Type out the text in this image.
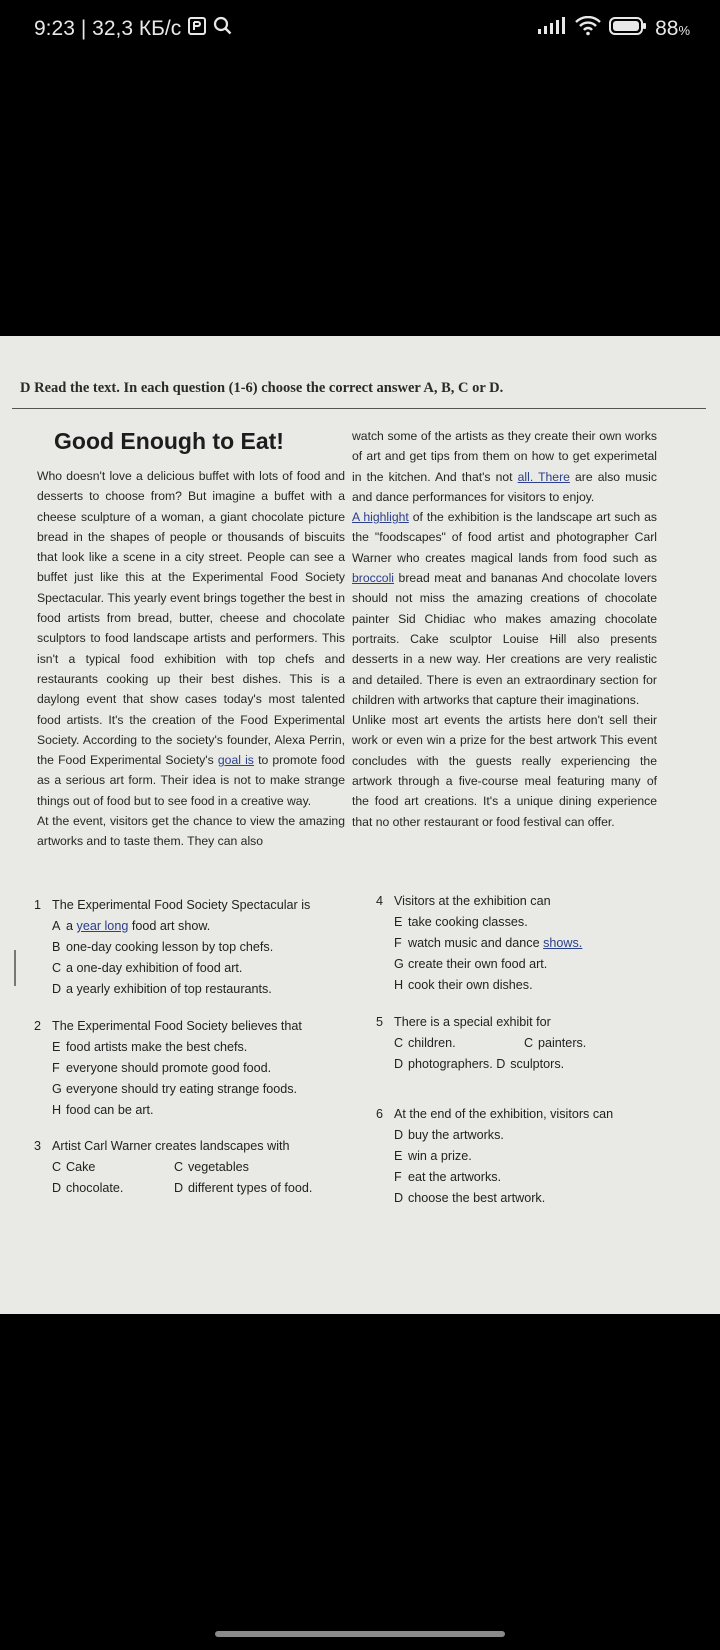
9:23 | 32,3 КБ/с	88%
D Read the text. In each question (1-6) choose the correct answer A, B, C or D.
Good Enough to Eat!

Who doesn't love a delicious buffet with lots of food and desserts to choose from? But imagine a buffet with a cheese sculpture of a woman, a giant chocolate picture bread in the shapes of people or thousands of biscuits that look like a scene in a city street. People can see a buffet just like this at the Experimental Food Society Spectacular. This yearly event brings together the best in food artists from bread, butter, cheese and chocolate sculptors to food landscape artists and performers. This isn't a typical food exhibition with top chefs and restaurants cooking up their best dishes. This is a daylong event that show cases today's most talented food artists. It's the creation of the Food Experimental Society. According to the society's founder, Alexa Perrin, the Food Experimental Society's goal is to promote food as a serious art form. Their idea is not to make strange things out of food but to see food in a creative way.

At the event, visitors get the chance to view the amazing artworks and to taste them. They can also

watch some of the artists as they create their own works of art and get tips from them on how to get experimetal in the kitchen. And that's not all. There are also music and dance performances for visitors to enjoy.

A highlight of the exhibition is the landscape art such as the "foodscapes" of food artist and photographer Carl Warner who creates magical lands from food such as broccoli bread meat and bananas And chocolate lovers should not miss the amazing creations of chocolate painter Sid Chidiac who makes amazing chocolate portraits. Cake sculptor Louise Hill also presents desserts in a new way. Her creations are very realistic and detailed. There is even an extraordinary section for children with artworks that capture their imaginations.

Unlike most art events the artists here don't sell their work or even win a prize for the best artwork This event concludes with the guests really experiencing the artwork through a five-course meal featuring many of the food art creations. It's a unique dining experience that no other restaurant or food festival can offer.

1 The Experimental Food Society Spectacular is
A a year long food art show.
B one-day cooking lesson by top chefs.
C a one-day exhibition of food art.
D a yearly exhibition of top restaurants.
2 The Experimental Food Society believes that
E food artists make the best chefs.
F everyone should promote good food.
G everyone should try eating strange foods.
H food can be art.
3 Artist Carl Warner creates landscapes with
C Cake	C vegetables
D chocolate.	D different types of food.
4 Visitors at the exhibition can
E take cooking classes.
F watch music and dance shows.
G create their own food art.
H cook their own dishes.
5 There is a special exhibit for
C children.	C painters.
D photographers. D sculptors.
6 At the end of the exhibition, visitors can
D buy the artworks.
E win a prize.
F eat the artworks.
D choose the best artwork.
